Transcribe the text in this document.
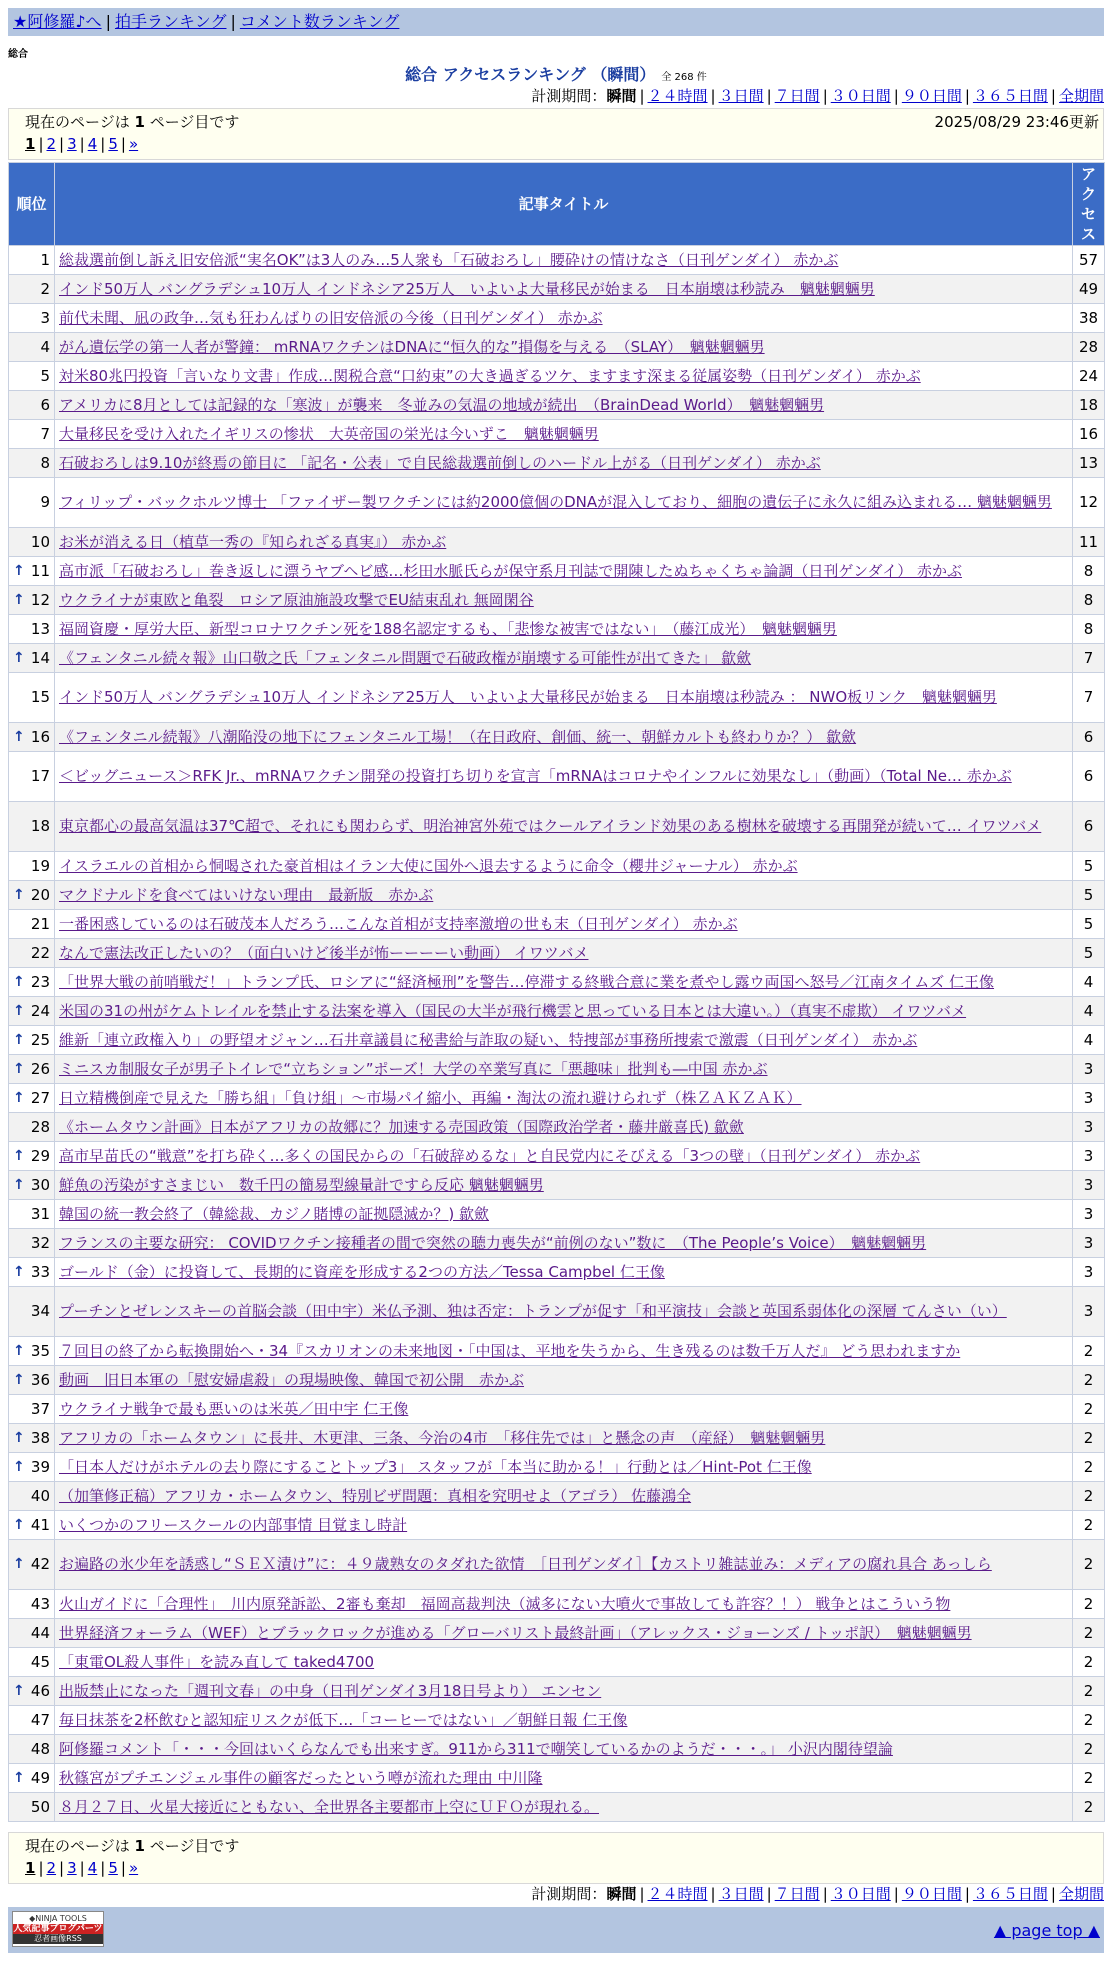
★阿修羅♪へ | 拍手ランキング | コメント数ランキング
総合
総合 アクセスランキング （瞬間） 全 268 件
計測期間：瞬間 | ２４時間 | ３日間 | ７日間 | ３０日間 | ９０日間 | ３６５日間 | 全期間
現在のページは 1 ページ目です	2025/08/29 23:46更新
1 | 2 | 3 | 4 | 5 | »
順位	記事タイトル	アクセス
1	総裁選前倒し訴え旧安倍派“実名OK”は3人のみ…5人衆も「石破おろし」腰砕けの情けなさ（日刊ゲンダイ） 赤かぶ	57
2	インド50万人 バングラデシュ10万人 インドネシア25万人　いよいよ大量移民が始まる　日本崩壊は秒読み　魑魅魍魎男	49
3	前代未聞、凪の政争…気も狂わんばりの旧安倍派の今後（日刊ゲンダイ） 赤かぶ	38
4	がん遺伝学の第一人者が警鐘： mRNAワクチンはDNAに“恒久的な”損傷を与える　（SLAY）　魑魅魍魎男	28
5	対米80兆円投資「言いなり文書」作成…関税合意“口約束”の大き過ぎるツケ、ますます深まる従属姿勢（日刊ゲンダイ） 赤かぶ	24
6	アメリカに8月としては記録的な「寒波」が襲来　冬並みの気温の地域が続出　（BrainDead World）　魑魅魍魎男	18
7	大量移民を受け入れたイギリスの惨状　大英帝国の栄光は今いずこ　魑魅魍魎男	16
8	石破おろしは9.10が終焉の節目に 「記名・公表」で自民総裁選前倒しのハードル上がる（日刊ゲンダイ） 赤かぶ	13
9	フィリップ・バックホルツ博士 「ファイザー製ワクチンには約2000億個のDNAが混入しており、細胞の遺伝子に永久に組み込まれる… 魑魅魍魎男	12
10	お米が消える日（植草一秀の『知られざる真実』） 赤かぶ	11

↑ 11	高市派「石破おろし」巻き返しに漂うヤブヘビ感…杉田水脈氏らが保守系月刊誌で開陳したぬちゃくちゃ論調（日刊ゲンダイ） 赤かぶ	8

↑ 12	ウクライナが東欧と亀裂　ロシア原油施設攻撃でEU結束乱れ 無岡閑谷	8
13	福岡資慶・厚労大臣、新型コロナワクチン死を188名認定するも、「悲惨な被害ではない」　（藤江成光）　魑魅魍魎男	8

↑ 14	《フェンタニル続々報》山口敬之氏「フェンタニル問題で石破政権が崩壊する可能性が出てきた」 歙歛	7
15	インド50万人 バングラデシュ10万人 インドネシア25万人　いよいよ大量移民が始まる　日本崩壊は秒読み ： NWO板リンク　魑魅魍魎男	7

↑ 16	《フェンタニル続報》八潮陥没の地下にフェンタニル工場！（在日政府、創価、統一、朝鮮カルトも終わりか？） 歙歛	6
17	＜ビッグニュース＞RFK Jr.、mRNAワクチン開発の投資打ち切りを宣言「mRNAはコロナやインフルに効果なし」（動画）（Total Ne… 赤かぶ	6
18	東京都心の最高気温は37℃超で、それにも関わらず、明治神宮外苑ではクールアイランド効果のある樹林を破壊する再開発が続いて… イワツバメ	6
19	イスラエルの首相から恫喝された豪首相はイラン大使に国外へ退去するように命令（櫻井ジャーナル） 赤かぶ	5

↑ 20	マクドナルドを食べてはいけない理由　最新版　赤かぶ	5
21	一番困惑しているのは石破茂本人だろう…こんな首相が支持率激増の世も末（日刊ゲンダイ） 赤かぶ	5
22	なんで憲法改正したいの？（面白いけど後半が怖ーーーーい動画） イワツバメ	5

↑ 23	「世界大戦の前哨戦だ！」トランプ氏、ロシアに“経済極刑”を警告…停滞する終戦合意に業を煮やし露ウ両国へ怒号／江南タイムズ 仁王像	4

↑ 24	米国の31の州がケムトレイルを禁止する法案を導入（国民の大半が飛行機雲と思っている日本とは大違い。）（真実不虚欺） イワツバメ	4

↑ 25	維新「連立政権入り」の野望オジャン…石井章議員に秘書給与詐取の疑い、特捜部が事務所捜索で激震（日刊ゲンダイ） 赤かぶ	4

↑ 26	ミニスカ制服女子が男子トイレで“立ちション”ポーズ！大学の卒業写真に「悪趣味」批判も―中国 赤かぶ	3

↑ 27	日立精機倒産で見えた「勝ち組」「負け組」〜市場パイ縮小、再編・淘汰の流れ避けられず（株ＺＡＫＺＡＫ）	3
28	《ホームタウン計画》日本がアフリカの故郷に？加速する売国政策（国際政治学者・藤井厳喜氏) 歙歛	3

↑ 29	高市早苗氏の“戦意”を打ち砕く…多くの国民からの「石破辞めるな」と自民党内にそびえる「3つの壁」（日刊ゲンダイ） 赤かぶ	3

↑ 30	鮮魚の汚染がすさまじい　数千円の簡易型線量計ですら反応 魑魅魍魎男	3
31	韓国の統一教会終了（韓総裁、カジノ賭博の証拠隠滅か？) 歙歛	3
32	フランスの主要な研究： COVIDワクチン接種者の間で突然の聴力喪失が“前例のない”数に　（The People’s Voice）　魑魅魍魎男	3

↑ 33	ゴールド（金）に投資して、長期的に資産を形成する2つの方法／Tessa Campbel 仁王像	3
34	プーチンとゼレンスキーの首脳会談（田中宇）米仏予測、独は否定：トランプが促す「和平演技」会談と英国系弱体化の深層 てんさい（い）	3

↑ 35	７回目の終了から転換開始へ・34『スカリオンの未来地図・「中国は、平地を失うから、生き残るのは数千万人だ』 どう思われますか	2

↑ 36	動画　旧日本軍の「慰安婦虐殺」の現場映像、韓国で初公開　赤かぶ	2
37	ウクライナ戦争で最も悪いのは米英／田中宇 仁王像	2

↑ 38	アフリカの「ホームタウン」に長井、木更津、三条、今治の4市　「移住先では」と懸念の声　（産経）　魑魅魍魎男	2

↑ 39	「日本人だけがホテルの去り際にすることトップ3」 スタッフが「本当に助かる！」行動とは／Hint-Pot 仁王像	2
40	（加筆修正稿）アフリカ・ホームタウン、特別ビザ問題：真相を究明せよ（アゴラ） 佐藤鴻全	2

↑ 41	いくつかのフリースクールの内部事情 目覚まし時計	2

↑ 42	お遍路の氷少年を誘惑し“ＳＥＸ漬け”に：４９歳熟女のタダれた欲情　［日刊ゲンダイ］【カストリ雑誌並み：メディアの腐れ具合 あっしら	2
43	火山ガイドに「合理性」　川内原発訴訟、2審も棄却　福岡高裁判決（滅多にない大噴火で事故しても許容？！） 戦争とはこういう物	2
44	世界経済フォーラム（WEF）とブラックロックが進める「グローバリスト最終計画」（アレックス・ジョーンズ / トッポ訳）　魑魅魍魎男	2
45	「東電OL殺人事件」を読み直して taked4700	2

↑ 46	出版禁止になった「週刊文春」の中身（日刊ゲンダイ3月18日号より） エンセン	2
47	毎日抹茶を2杯飲むと認知症リスクが低下…「コーヒーではない」／朝鮮日報 仁王像	2
48	阿修羅コメント「・・・今回はいくらなんでも出来すぎ。911から311で嘲笑しているかのようだ・・・。」 小沢内閣待望論	2

↑ 49	秋篠宮がプチエンジェル事件の顧客だったという噂が流れた理由 中川隆	2
50	８月２７日、火星大接近にともない、全世界各主要都市上空にＵＦＯが現れる。	2
現在のページは 1 ページ目です
1 | 2 | 3 | 4 | 5 | »
計測期間：瞬間 | ２４時間 | ３日間 | ７日間 | ３０日間 | ９０日間 | ３６５日間 | 全期間
◆NINJA TOOLS
人気記事ブログパーツ
忍者画像RSS	▲ page top ▲
